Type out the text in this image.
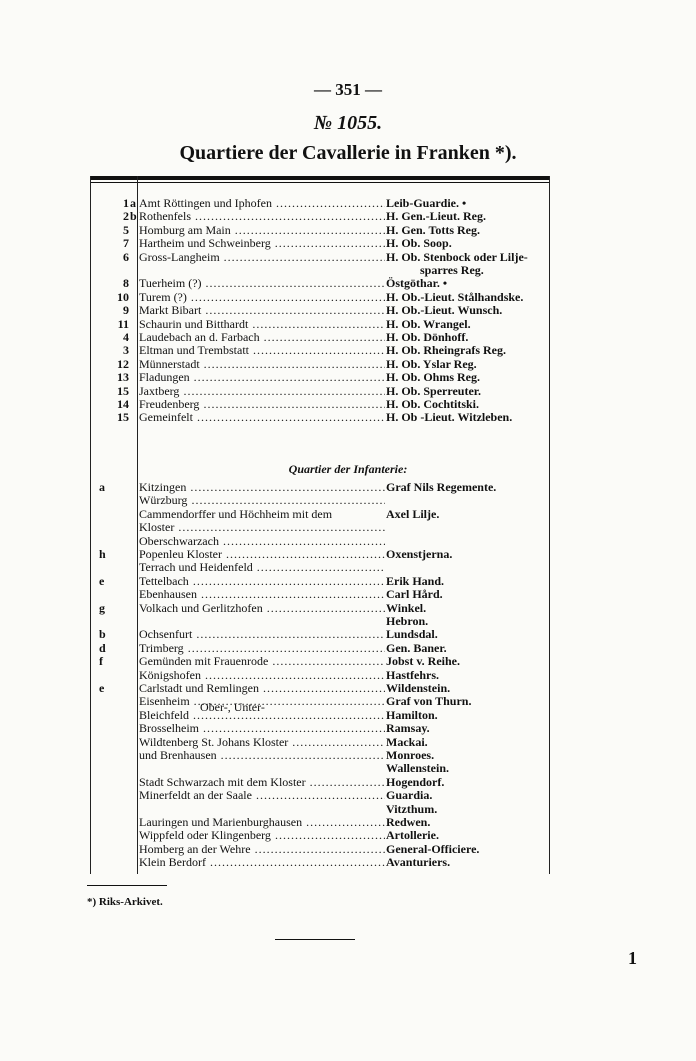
— 351 —
№ 1055.
Quartiere der Cavallerie in Franken *).
1 a Amt Röttingen und Iphofen .....	Leib-Guardie. •
2 b Rothenfels .....	H. Gen.-Lieut. Reg.
5 Homburg am Main .....	H. Gen. Totts Reg.
7 Hartheim und Schweinberg .....	H. Ob. Soop.
6 Gross-Langheim .....	H. Ob. Stenbock oder Lilje-
sparres Reg.
8 Tuerheim (?) .....	Östgöthar. •
10 Turem (?) .....	H. Ob.-Lieut. Stålhandske.
9 Markt Bibart .....	H. Ob.-Lieut. Wunsch.
11 Schaurin und Bitthardt .....	H. Ob. Wrangel.
4 Laudebach an d. Farbach .....	H. Ob. Dönhoff.
3 Eltman und Trembstatt .....	H. Ob. Rheingrafs Reg.
12 Münnerstadt .....	H. Ob. Yslar Reg.
13 Fladungen .....	H. Ob. Ohms Reg.
15 Jaxtberg .....	H. Ob. Sperreuter.
14 Freudenberg .....	H. Ob. Cochtitski.
15 Gemeinfelt .....	H. Ob -Lieut. Witzleben.
Quartier der Infanterie:
a	Kitzingen .....	Graf Nils Regemente.
Würzburg .....
Cammendorffer und Höchheim mit dem	Axel Lilje.
Kloster .....
Oberschwarzach .....
h	Popenleu Kloster .....	Oxenstjerna.
Terrach und Heidenfeld .....
e	Tettelbach .....	Erik Hand.
Ebenhausen .....	Carl Hård.
g	Volkach und Gerlitzhofen .....	Winkel.
Hebron.
b	Ochsenfurt .....	Lundsdal.
d	Trimberg .....	Gen. Baner.
f	Gemünden mit Frauenrode .....	Jobst v. Reihe.
Königshofen .....	Hastfehrs.
e	Carlstadt und Remlingen .....	Wildenstein.
Eisenheim .....	Graf von Thurn.
Bleichfeld .....	Hamilton.
Brosselheim .....	Ramsay.
Wildtenberg St. Johans Kloster .....	Mackai.
und Brenhausen .....	Monroes.
Wallenstein.
Stadt Schwarzach mit dem Kloster .....	Hogendorf.
Minerfeldt an der Saale .....	Guardia.
Vitzthum.
Lauringen und Marienburghausen .....	Redwen.
Wippfeld oder Klingenberg .....	Artollerie.
Homberg an der Wehre .....	General-Officiere.
Klein Berdorf .....	Avanturiers.
Ober-, Unter-
*) Riks-Arkivet.
1
